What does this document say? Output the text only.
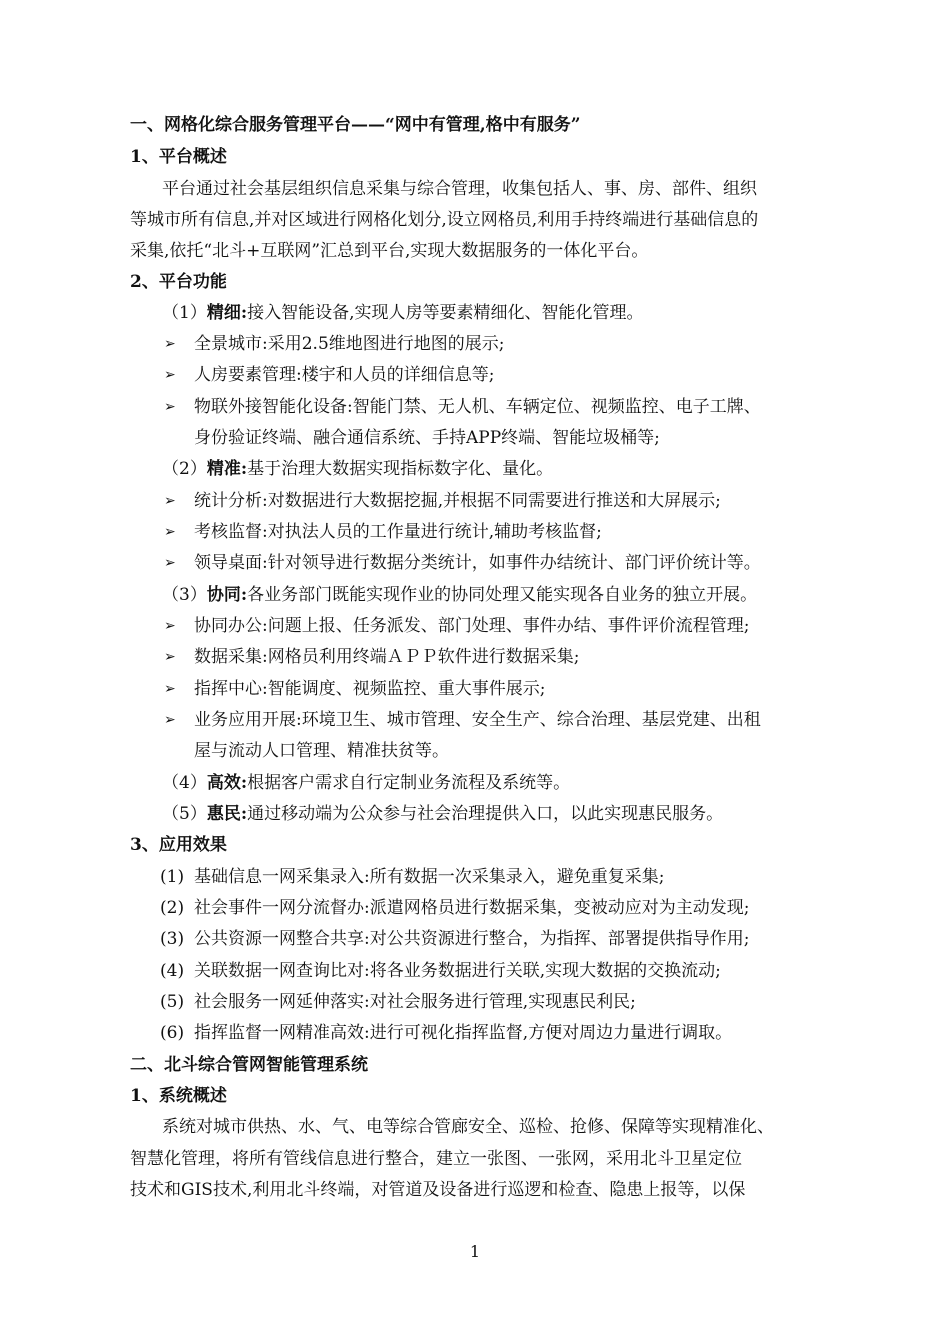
一、网格化综合服务管理平台——“网中有管理,格中有服务”
1、平台概述
平台通过社会基层组织信息采集与综合管理，收集包括人、事、房、部件、组织
等城市所有信息,并对区域进行网格化划分,设立网格员,利用手持终端进行基础信息的
采集,依托“北斗+互联网”汇总到平台,实现大数据服务的一体化平台。
2、平台功能
（1）精细:接入智能设备,实现人房等要素精细化、智能化管理。
➢ 全景城市:采用2.5维地图进行地图的展示;
➢ 人房要素管理:楼宇和人员的详细信息等;
➢ 物联外接智能化设备:智能门禁、无人机、车辆定位、视频监控、电子工牌、
身份验证终端、融合通信系统、手持APP终端、智能垃圾桶等;
（2）精准:基于治理大数据实现指标数字化、量化。
➢ 统计分析:对数据进行大数据挖掘,并根据不同需要进行推送和大屏展示;
➢ 考核监督:对执法人员的工作量进行统计,辅助考核监督;
➢ 领导桌面:针对领导进行数据分类统计，如事件办结统计、部门评价统计等。
（3）协同:各业务部门既能实现作业的协同处理又能实现各自业务的独立开展。
➢ 协同办公:问题上报、任务派发、部门处理、事件办结、事件评价流程管理;
➢ 数据采集:网格员利用终端ＡＰＰ软件进行数据采集;
➢ 指挥中心:智能调度、视频监控、重大事件展示;
➢ 业务应用开展:环境卫生、城市管理、安全生产、综合治理、基层党建、出租
屋与流动人口管理、精准扶贫等。
（4）高效:根据客户需求自行定制业务流程及系统等。
（5）惠民:通过移动端为公众参与社会治理提供入口，以此实现惠民服务。
3、应用效果
(1) 基础信息一网采集录入:所有数据一次采集录入，避免重复采集;
(2) 社会事件一网分流督办:派遣网格员进行数据采集，变被动应对为主动发现;
(3) 公共资源一网整合共享:对公共资源进行整合，为指挥、部署提供指导作用;
(4) 关联数据一网查询比对:将各业务数据进行关联,实现大数据的交换流动;
(5) 社会服务一网延伸落实:对社会服务进行管理,实现惠民利民;
(6) 指挥监督一网精准高效:进行可视化指挥监督,方便对周边力量进行调取。
二、北斗综合管网智能管理系统
1、系统概述
系统对城市供热、水、气、电等综合管廊安全、巡检、抢修、保障等实现精准化、
智慧化管理，将所有管线信息进行整合，建立一张图、一张网，采用北斗卫星定位
技术和GIS技术,利用北斗终端，对管道及设备进行巡逻和检查、隐患上报等，以保
1
